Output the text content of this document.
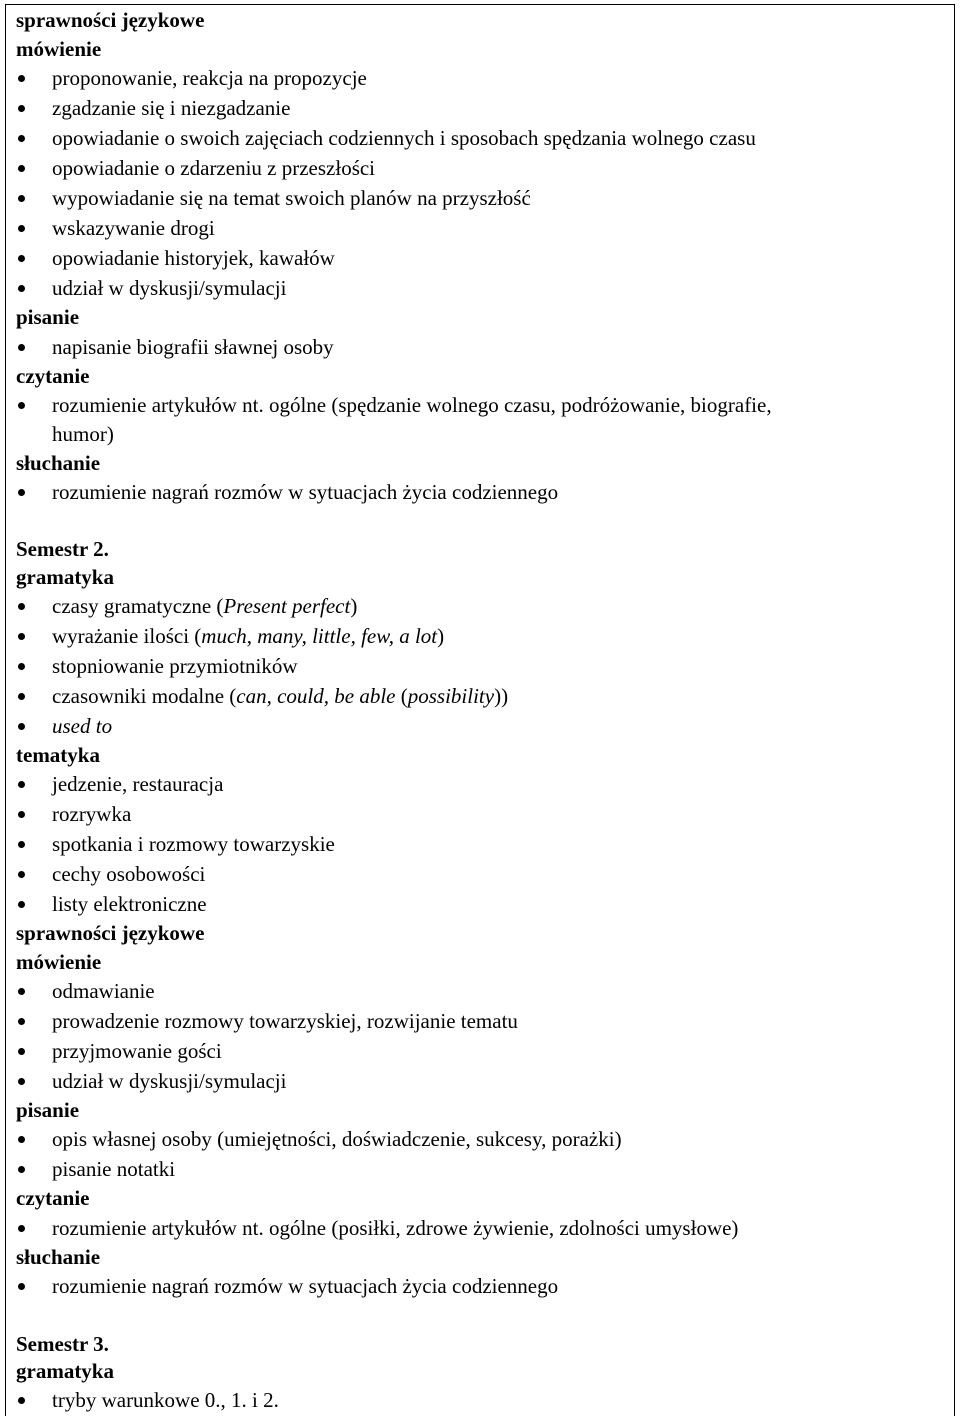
sprawności językowe
mówienie
proponowanie, reakcja na propozycje
zgadzanie się i niezgadzanie
opowiadanie o swoich zajęciach codziennych i sposobach spędzania wolnego czasu
opowiadanie o zdarzeniu z przeszłości
wypowiadanie się na temat swoich planów na przyszłość
wskazywanie drogi
opowiadanie historyjek, kawałów
udział w dyskusji/symulacji
pisanie
napisanie biografii sławnej osoby
czytanie
rozumienie artykułów nt. ogólne (spędzanie wolnego czasu, podróżowanie, biografie,
humor)
słuchanie
rozumienie nagrań rozmów w sytuacjach życia codziennego
Semestr 2.
gramatyka
czasy gramatyczne (Present perfect)
wyrażanie ilości (much, many, little, few, a lot)
stopniowanie przymiotników
czasowniki modalne (can, could, be able (possibility))
used to
tematyka
jedzenie, restauracja
rozrywka
spotkania i rozmowy towarzyskie
cechy osobowości
listy elektroniczne
sprawności językowe
mówienie
odmawianie
prowadzenie rozmowy towarzyskiej, rozwijanie tematu
przyjmowanie gości
udział w dyskusji/symulacji
pisanie
opis własnej osoby (umiejętności, doświadczenie, sukcesy, porażki)
pisanie notatki
czytanie
rozumienie artykułów nt. ogólne (posiłki, zdrowe żywienie, zdolności umysłowe)
słuchanie
rozumienie nagrań rozmów w sytuacjach życia codziennego
Semestr 3.
gramatyka
tryby warunkowe 0., 1. i 2.
